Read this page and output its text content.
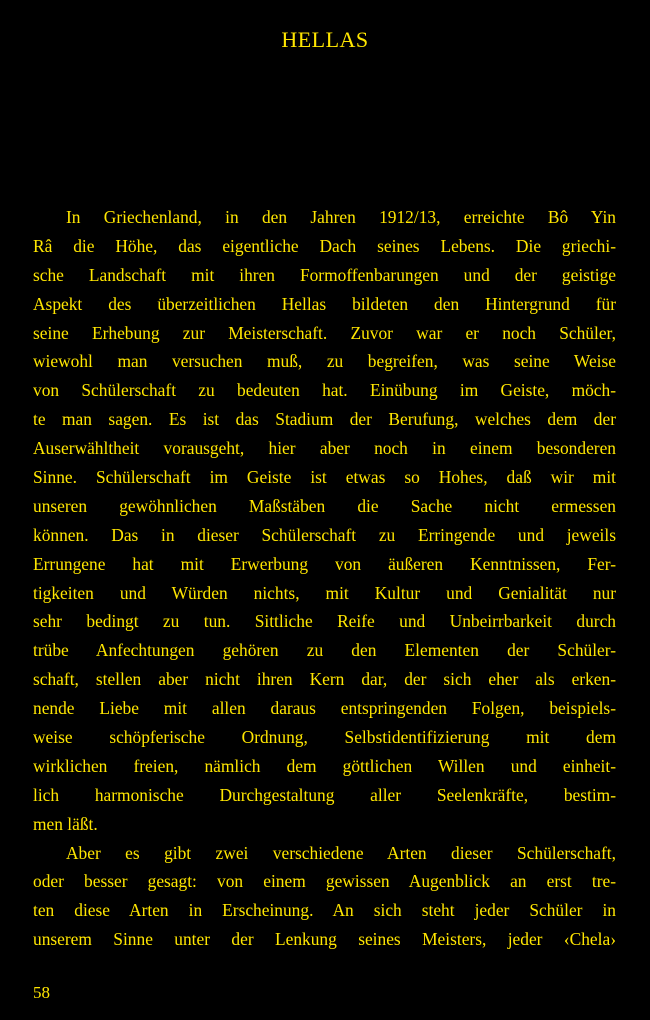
HELLAS
In Griechenland, in den Jahren 1912/13, erreichte Bô Yin
Râ die Höhe, das eigentliche Dach seines Lebens. Die griechi-
sche Landschaft mit ihren Formoffenbarungen und der geistige
Aspekt des überzeitlichen Hellas bildeten den Hintergrund für
seine Erhebung zur Meisterschaft. Zuvor war er noch Schüler,
wiewohl man versuchen muß, zu begreifen, was seine Weise
von Schülerschaft zu bedeuten hat. Einübung im Geiste, möch-
te man sagen. Es ist das Stadium der Berufung, welches dem der
Auserwähltheit vorausgeht, hier aber noch in einem besonderen
Sinne. Schülerschaft im Geiste ist etwas so Hohes, daß wir mit
unseren gewöhnlichen Maßstäben die Sache nicht ermessen
können. Das in dieser Schülerschaft zu Erringende und jeweils
Errungene hat mit Erwerbung von äußeren Kenntnissen, Fer-
tigkeiten und Würden nichts, mit Kultur und Genialität nur
sehr bedingt zu tun. Sittliche Reife und Unbeirrbarkeit durch
trübe Anfechtungen gehören zu den Elementen der Schüler-
schaft, stellen aber nicht ihren Kern dar, der sich eher als erken-
nende Liebe mit allen daraus entspringenden Folgen, beispiels-
weise schöpferische Ordnung, Selbstidentifizierung mit dem
wirklichen freien, nämlich dem göttlichen Willen und einheit-
lich harmonische Durchgestaltung aller Seelenkräfte, bestim-
men läßt.
Aber es gibt zwei verschiedene Arten dieser Schülerschaft,
oder besser gesagt: von einem gewissen Augenblick an erst tre-
ten diese Arten in Erscheinung. An sich steht jeder Schüler in
unserem Sinne unter der Lenkung seines Meisters, jeder ‹Chela›
58
